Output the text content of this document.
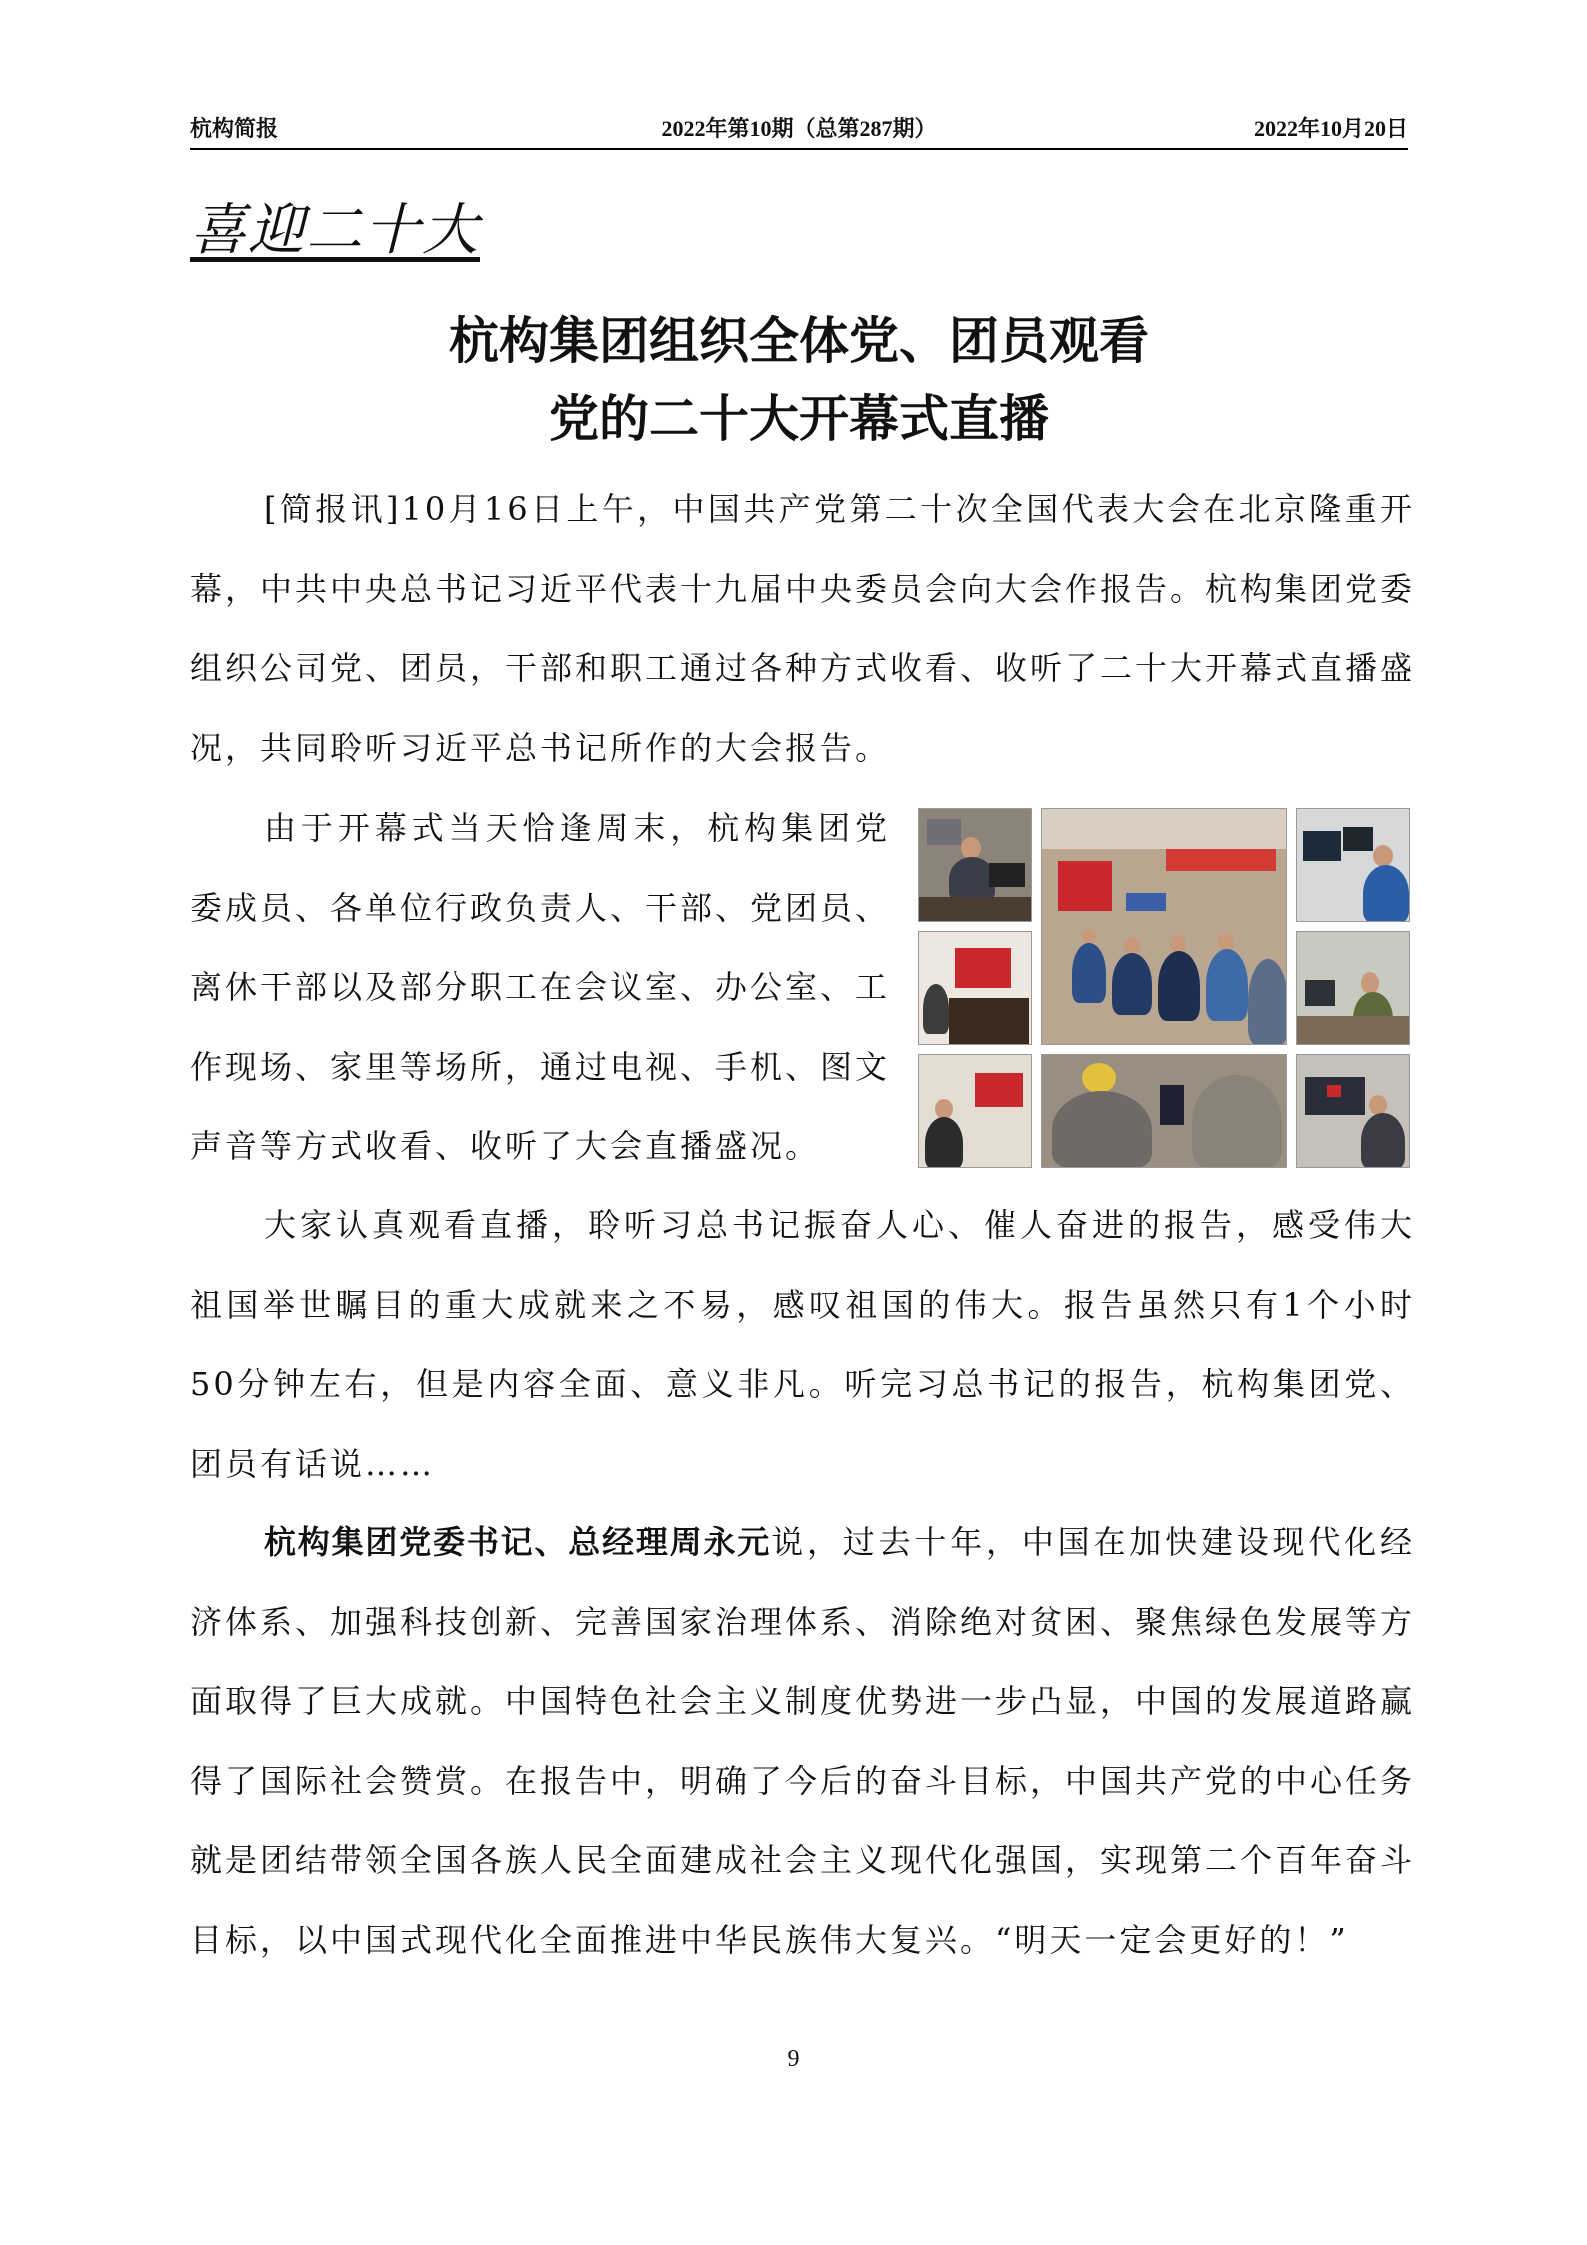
杭构简报	2022年第10期（总第287期）	2022年10月20日
喜迎二十大
杭构集团组织全体党、团员观看
党的二十大开幕式直播

[简报讯]10月16日上午，中国共产党第二十次全国代表大会在北京隆重开幕，中共中央总书记习近平代表十九届中央委员会向大会作报告。杭构集团党委组织公司党、团员，干部和职工通过各种方式收看、收听了二十大开幕式直播盛况，共同聆听习近平总书记所作的大会报告。

由于开幕式当天恰逢周末，杭构集团党委成员、各单位行政负责人、干部、党团员、离休干部以及部分职工在会议室、办公室、工作现场、家里等场所，通过电视、手机、图文声音等方式收看、收听了大会直播盛况。

大家认真观看直播，聆听习总书记振奋人心、催人奋进的报告，感受伟大祖国举世瞩目的重大成就来之不易，感叹祖国的伟大。报告虽然只有1个小时50分钟左右，但是内容全面、意义非凡。听完习总书记的报告，杭构集团党、团员有话说……

杭构集团党委书记、总经理周永元说，过去十年，中国在加快建设现代化经济体系、加强科技创新、完善国家治理体系、消除绝对贫困、聚焦绿色发展等方面取得了巨大成就。中国特色社会主义制度优势进一步凸显，中国的发展道路赢得了国际社会赞赏。在报告中，明确了今后的奋斗目标，中国共产党的中心任务就是团结带领全国各族人民全面建成社会主义现代化强国，实现第二个百年奋斗目标，以中国式现代化全面推进中华民族伟大复兴。“明天一定会更好的！”

9
